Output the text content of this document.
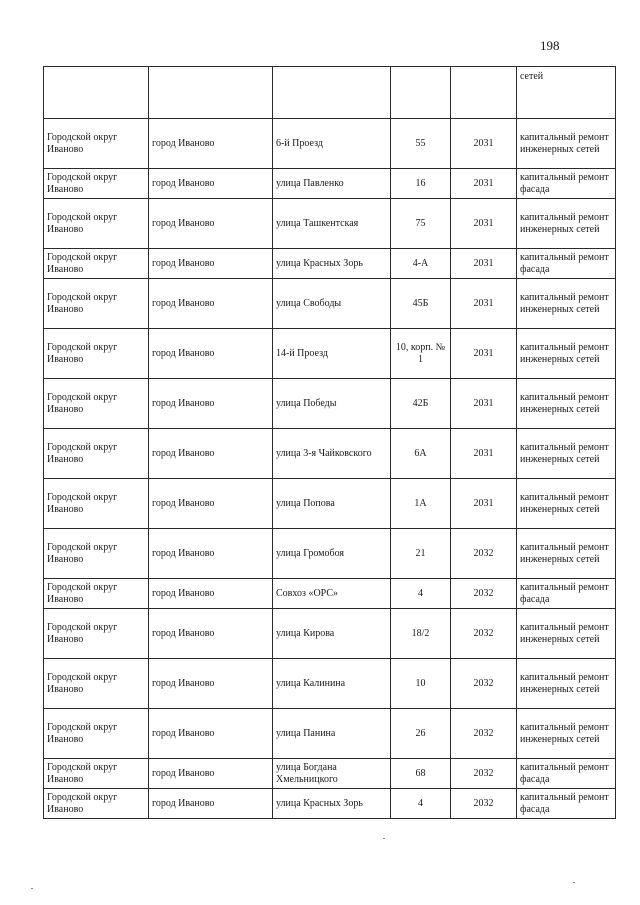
198
					сетей
Городской округ Иваново	город Иваново	6-й Проезд	55	2031	капитальный ремонт инженерных сетей
Городской округ Иваново	город Иваново	улица Павленко	16	2031	капитальный ремонт фасада
Городской округ Иваново	город Иваново	улица Ташкентская	75	2031	капитальный ремонт инженерных сетей
Городской округ Иваново	город Иваново	улица Красных Зорь	4-А	2031	капитальный ремонт фасада
Городской округ Иваново	город Иваново	улица Свободы	45Б	2031	капитальный ремонт инженерных сетей
Городской округ Иваново	город Иваново	14-й Проезд	10, корп. № 1	2031	капитальный ремонт инженерных сетей
Городской округ Иваново	город Иваново	улица Победы	42Б	2031	капитальный ремонт инженерных сетей
Городской округ Иваново	город Иваново	улица 3-я Чайковского	6А	2031	капитальный ремонт инженерных сетей
Городской округ Иваново	город Иваново	улица Попова	1А	2031	капитальный ремонт инженерных сетей
Городской округ Иваново	город Иваново	улица Громобоя	21	2032	капитальный ремонт инженерных сетей
Городской округ Иваново	город Иваново	Совхоз «ОРС»	4	2032	капитальный ремонт фасада
Городской округ Иваново	город Иваново	улица Кирова	18/2	2032	капитальный ремонт инженерных сетей
Городской округ Иваново	город Иваново	улица Калинина	10	2032	капитальный ремонт инженерных сетей
Городской округ Иваново	город Иваново	улица Панина	26	2032	капитальный ремонт инженерных сетей
Городской округ Иваново	город Иваново	улица Богдана Хмельницкого	68	2032	капитальный ремонт фасада
Городской округ Иваново	город Иваново	улица Красных Зорь	4	2032	капитальный ремонт фасада
